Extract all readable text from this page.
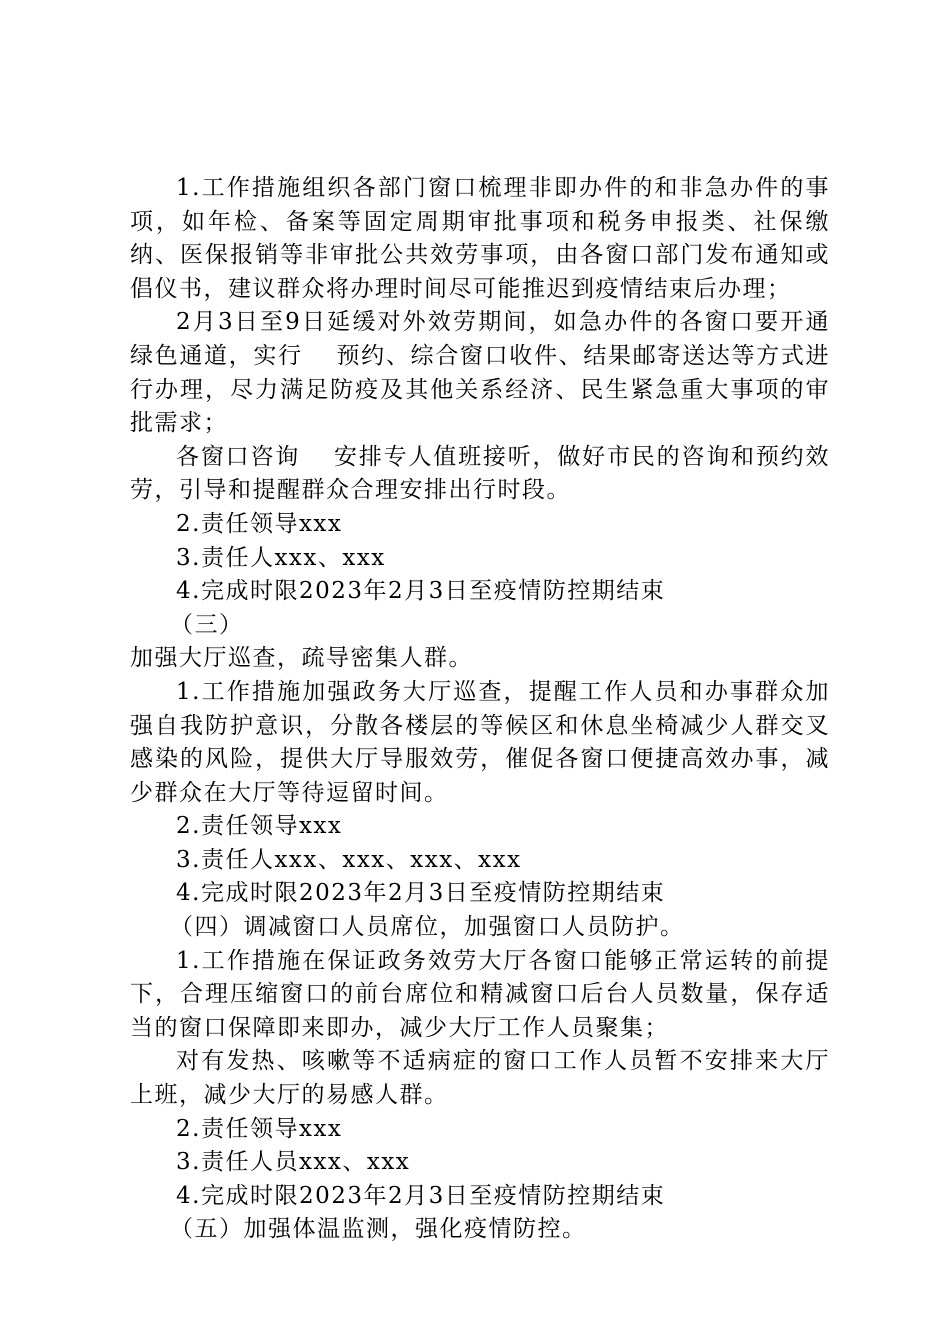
1.工作措施组织各部门窗口梳理非即办件的和非急办件的事项，如年检、备案等固定周期审批事项和税务申报类、社保缴纳、医保报销等非审批公共效劳事项，由各窗口部门发布通知或倡仪书，建议群众将办理时间尽可能推迟到疫情结束后办理；

2月3日至9日延缓对外效劳期间，如急办件的各窗口要开通绿色通道，实行　 预约、综合窗口收件、结果邮寄送达等方式进行办理，尽力满足防疫及其他关系经济、民生紧急重大事项的审批需求；

各窗口咨询　 安排专人值班接听，做好市民的咨询和预约效劳，引导和提醒群众合理安排出行时段。

2.责任领导xxx

3.责任人xxx、xxx

4.完成时限2023年2月3日至疫情防控期结束

（三）

加强大厅巡查，疏导密集人群。

1.工作措施加强政务大厅巡查，提醒工作人员和办事群众加强自我防护意识，分散各楼层的等候区和休息坐椅减少人群交叉感染的风险，提供大厅导服效劳，催促各窗口便捷高效办事，减少群众在大厅等待逗留时间。

2.责任领导xxx

3.责任人xxx、xxx、xxx、xxx

4.完成时限2023年2月3日至疫情防控期结束

（四）调减窗口人员席位，加强窗口人员防护。

1.工作措施在保证政务效劳大厅各窗口能够正常运转的前提下，合理压缩窗口的前台席位和精减窗口后台人员数量，保存适当的窗口保障即来即办，减少大厅工作人员聚集；

对有发热、咳嗽等不适病症的窗口工作人员暂不安排来大厅上班，减少大厅的易感人群。

2.责任领导xxx

3.责任人员xxx、xxx

4.完成时限2023年2月3日至疫情防控期结束

（五）加强体温监测，强化疫情防控。
